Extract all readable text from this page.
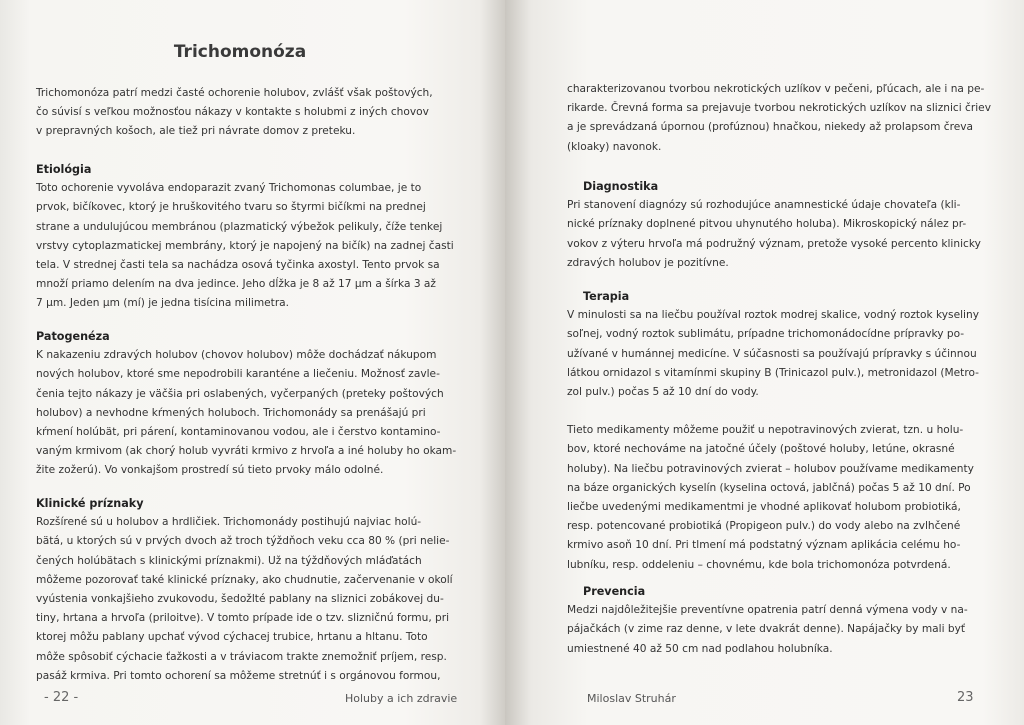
Trichomonóza
Trichomonóza patrí medzi časté ochorenie holubov, zvlášť však poštových,
čo súvisí s veľkou možnosťou nákazy v kontakte s holubmi z iných chovov
v prepravných košoch, ale tiež pri návrate domov z preteku.
Etiológia
Toto ochorenie vyvoláva endoparazit zvaný Trichomonas columbae, je to
prvok, bičíkovec, ktorý je hruškovitého tvaru so štyrmi bičíkmi na prednej
strane a undulujúcou membránou (plazmatický výbežok pelikuly, číže tenkej
vrstvy cytoplazmatickej membrány, ktorý je napojený na bičík) na zadnej časti
tela. V strednej časti tela sa nachádza osová tyčinka axostyl. Tento prvok sa
množí priamo delením na dva jedince. Jeho dĺžka je 8 až 17 µm a šírka 3 až
7 µm. Jeden µm (mí) je jedna tisícina milimetra.
Patogenéza
K nakazeniu zdravých holubov (chovov holubov) môže dochádzať nákupom
nových holubov, ktoré sme nepodrobili karanténe a liečeniu. Možnosť zavle-
čenia tejto nákazy je väčšia pri oslabených, vyčerpaných (preteky poštových
holubov) a nevhodne kŕmených holuboch. Trichomonády sa prenášajú pri
kŕmení holúbät, pri párení, kontaminovanou vodou, ale i čerstvo kontamino-
vaným krmivom (ak chorý holub vyvráti krmivo z hrvoľa a iné holuby ho okam-
žite zožerú). Vo vonkajšom prostredí sú tieto prvoky málo odolné.
Klinické príznaky
Rozšírené sú u holubov a hrdličiek. Trichomonády postihujú najviac holú-
bätá, u ktorých sú v prvých dvoch až troch týždňoch veku cca 80 % (pri neliе-
čených holúbätach s klinickými príznakmi). Už na týždňových mláďatách
môžeme pozorovať také klinické príznaky, ako chudnutie, začervenanie v okolí
vyústenia vonkajšieho zvukovodu, šedožlté pablany na sliznici zobákovej du-
tiny, hrtana a hrvoľa (priloitve). V tomto prípade ide o tzv. slizničnú formu, pri
ktorej môžu pablany upchať vývod cýchacej trubice, hrtanu a hltanu. Toto
môže spôsobiť cýchacie ťažkosti a v tráviacom trakte znemožniť príjem, resp.
pasáž krmiva. Pri tomto ochorení sa môžeme stretnúť i s orgánovou formou,
- 22 -	Holuby a ich zdravie
charakterizovanou tvorbou nekrotických uzlíkov v pečeni, pľúcach, ale i na pe-
rikarde. Črevná forma sa prejavuje tvorbou nekrotických uzlíkov na sliznici čriev
a je sprevádzaná úpornou (profúznou) hnačkou, niekedy až prolapsom čreva
(kloaky) navonok.
Diagnostika
Pri stanovení diagnózy sú rozhodujúce anamnestické údaje chovateľa (kli-
nické príznaky doplnené pitvou uhynutého holuba). Mikroskopický nález pr-
vokov z výteru hrvoľa má podružný význam, pretože vysoké percento klinicky
zdravých holubov je pozitívne.
Terapia
V minulosti sa na liečbu používal roztok modrej skalice, vodný roztok kyseliny
soľnej, vodný roztok sublimátu, prípadne trichomonádocídne prípravky po-
užívané v humánnej medicíne. V súčasnosti sa používajú prípravky s účinnou
látkou ornidazol s vitamínmi skupiny B (Trinicazol pulv.), metronidazol (Metro-
zol pulv.) počas 5 až 10 dní do vody.
Tieto medikamenty môžeme použiť u nepotravinových zvierat, tzn. u holu-
bov, ktoré nechováme na jatočné účely (poštové holuby, letúne, okrasné
holuby). Na liečbu potravinových zvierat – holubov používame medikamenty
na báze organických kyselín (kyselina octová, jablčná) počas 5 až 10 dní. Po
liečbe uvedenými medikamentmi je vhodné aplikovať holubom probiotiká,
resp. potencované probiotiká (Propigeon pulv.) do vody alebo na zvlhčené
krmivo asoň 10 dní. Pri tlmení má podstatný význam aplikácia celému ho-
lubníku, resp. oddeleniu – chovnému, kde bola trichomonóza potvrdená.
Prevencia
Medzi najdôležitejšie preventívne opatrenia patrí denná výmena vody v na-
pájačkách (v zime raz denne, v lete dvakrát denne). Napájačky by mali byť
umiestnené 40 až 50 cm nad podlahou holubníka.
Miloslav Struhár	23
